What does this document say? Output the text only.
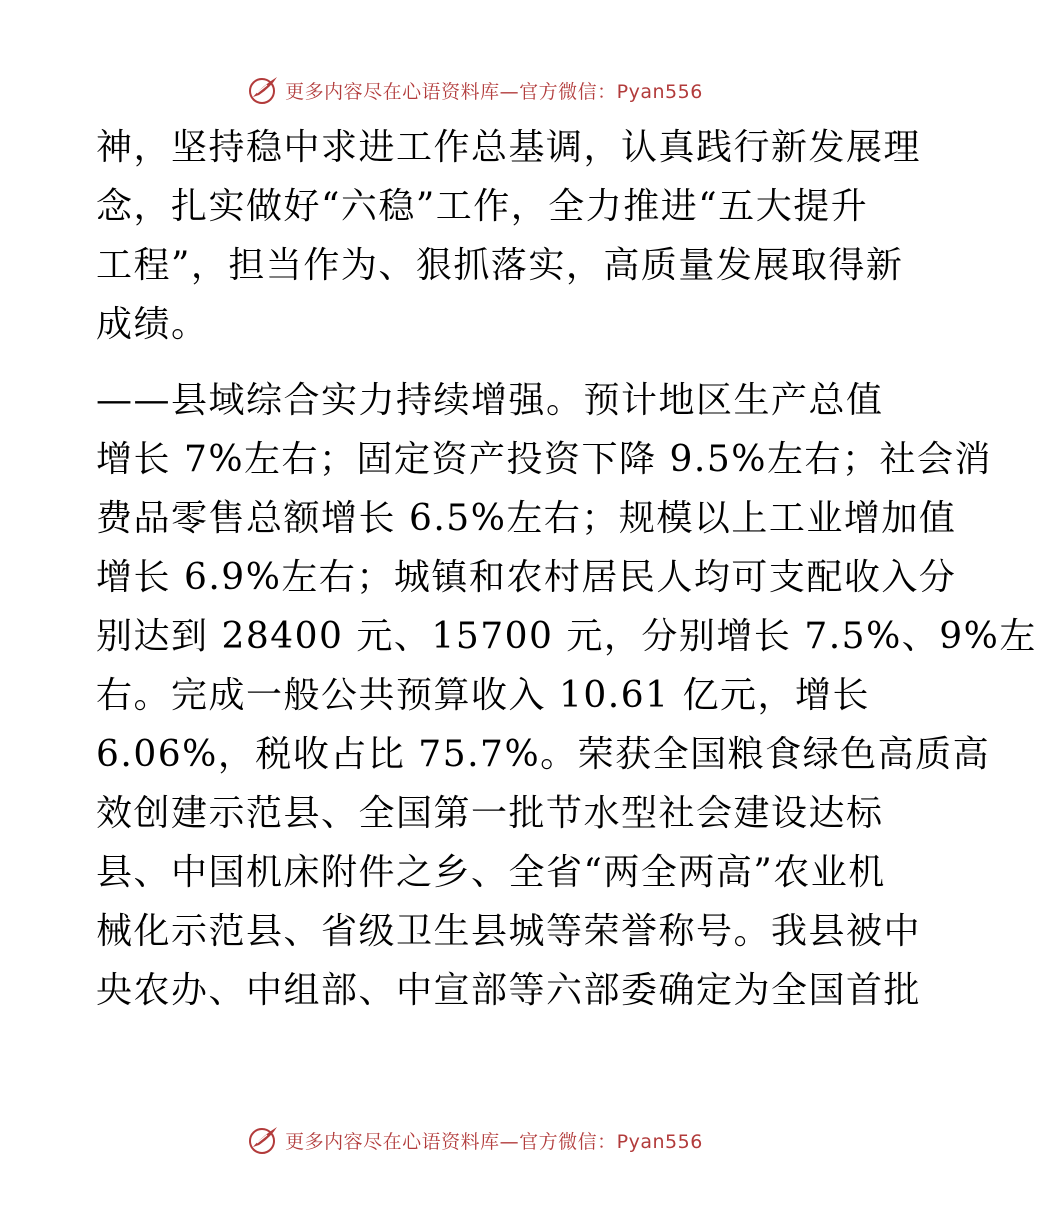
更多内容尽在心语资料库—官方微信：Pyan556
神，坚持稳中求进工作总基调，认真践行新发展理
念，扎实做好“六稳”工作，全力推进“五大提升
工程”，担当作为、狠抓落实，高质量发展取得新
成绩。
——县域综合实力持续增强。预计地区生产总值
增长 7%左右；固定资产投资下降 9.5%左右；社会消
费品零售总额增长 6.5%左右；规模以上工业增加值
增长 6.9%左右；城镇和农村居民人均可支配收入分
别达到 28400 元、15700 元，分别增长 7.5%、9%左
右。完成一般公共预算收入 10.61 亿元，增长
6.06%，税收占比 75.7%。荣获全国粮食绿色高质高
效创建示范县、全国第一批节水型社会建设达标
县、中国机床附件之乡、全省“两全两高”农业机
械化示范县、省级卫生县城等荣誉称号。我县被中
央农办、中组部、中宣部等六部委确定为全国首批
更多内容尽在心语资料库—官方微信：Pyan556
